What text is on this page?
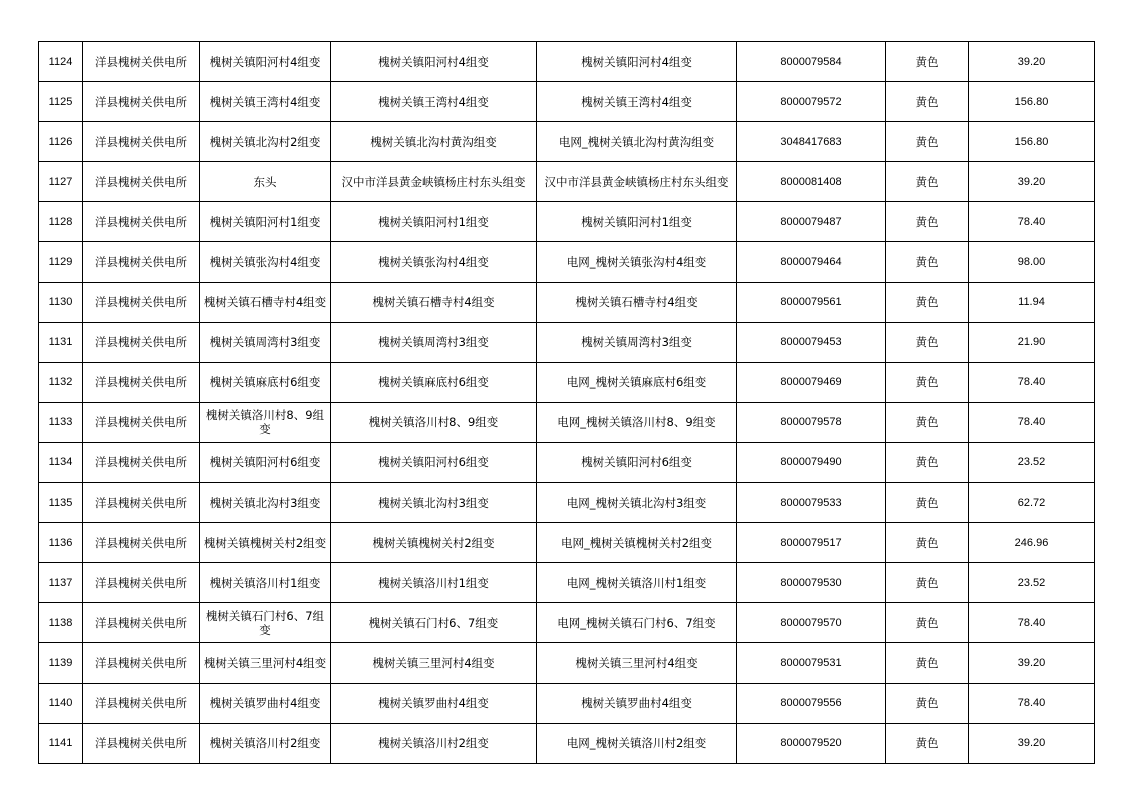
1124	洋县槐树关供电所	槐树关镇阳河村4组变	槐树关镇阳河村4组变	槐树关镇阳河村4组变	8000079584	黄色	39.20
1125	洋县槐树关供电所	槐树关镇王湾村4组变	槐树关镇王湾村4组变	槐树关镇王湾村4组变	8000079572	黄色	156.80
1126	洋县槐树关供电所	槐树关镇北沟村2组变	槐树关镇北沟村黄沟组变	电网_槐树关镇北沟村黄沟组变	3048417683	黄色	156.80
1127	洋县槐树关供电所	东头	汉中市洋县黄金峡镇杨庄村东头组变	汉中市洋县黄金峡镇杨庄村东头组变	8000081408	黄色	39.20
1128	洋县槐树关供电所	槐树关镇阳河村1组变	槐树关镇阳河村1组变	槐树关镇阳河村1组变	8000079487	黄色	78.40
1129	洋县槐树关供电所	槐树关镇张沟村4组变	槐树关镇张沟村4组变	电网_槐树关镇张沟村4组变	8000079464	黄色	98.00
1130	洋县槐树关供电所	槐树关镇石槽寺村4组变	槐树关镇石槽寺村4组变	槐树关镇石槽寺村4组变	8000079561	黄色	11.94
1131	洋县槐树关供电所	槐树关镇周湾村3组变	槐树关镇周湾村3组变	槐树关镇周湾村3组变	8000079453	黄色	21.90
1132	洋县槐树关供电所	槐树关镇麻底村6组变	槐树关镇麻底村6组变	电网_槐树关镇麻底村6组变	8000079469	黄色	78.40
1133	洋县槐树关供电所	槐树关镇洛川村8、9组变	槐树关镇洛川村8、9组变	电网_槐树关镇洛川村8、9组变	8000079578	黄色	78.40
1134	洋县槐树关供电所	槐树关镇阳河村6组变	槐树关镇阳河村6组变	槐树关镇阳河村6组变	8000079490	黄色	23.52
1135	洋县槐树关供电所	槐树关镇北沟村3组变	槐树关镇北沟村3组变	电网_槐树关镇北沟村3组变	8000079533	黄色	62.72
1136	洋县槐树关供电所	槐树关镇槐树关村2组变	槐树关镇槐树关村2组变	电网_槐树关镇槐树关村2组变	8000079517	黄色	246.96
1137	洋县槐树关供电所	槐树关镇洛川村1组变	槐树关镇洛川村1组变	电网_槐树关镇洛川村1组变	8000079530	黄色	23.52
1138	洋县槐树关供电所	槐树关镇石门村6、7组变	槐树关镇石门村6、7组变	电网_槐树关镇石门村6、7组变	8000079570	黄色	78.40
1139	洋县槐树关供电所	槐树关镇三里河村4组变	槐树关镇三里河村4组变	槐树关镇三里河村4组变	8000079531	黄色	39.20
1140	洋县槐树关供电所	槐树关镇罗曲村4组变	槐树关镇罗曲村4组变	槐树关镇罗曲村4组变	8000079556	黄色	78.40
1141	洋县槐树关供电所	槐树关镇洛川村2组变	槐树关镇洛川村2组变	电网_槐树关镇洛川村2组变	8000079520	黄色	39.20
